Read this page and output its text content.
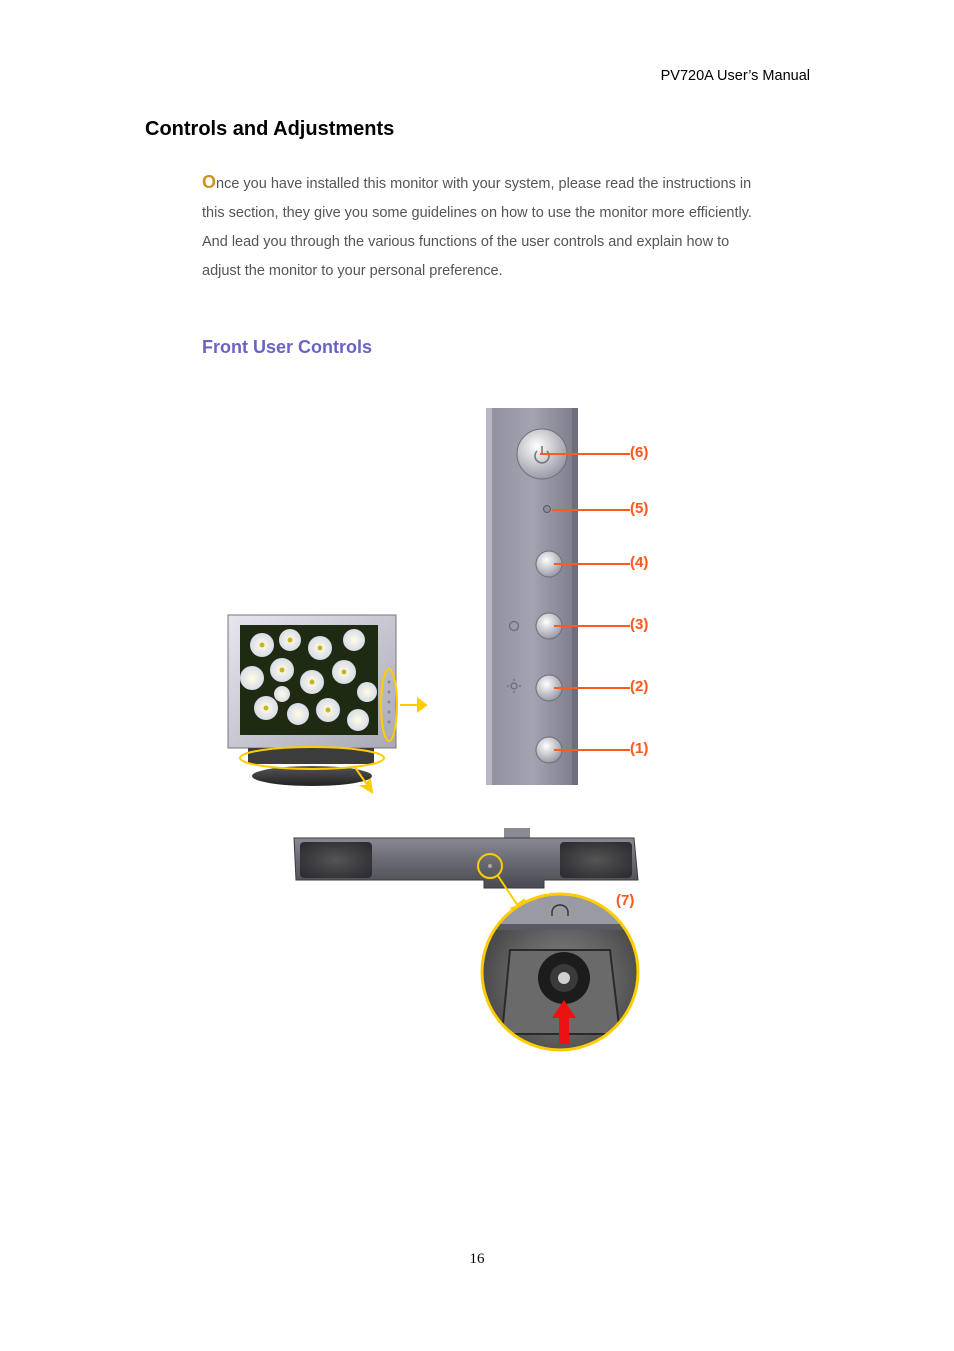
PV720A User’s Manual
Controls and Adjustments

Once you have installed this monitor with your system, please read the instructions in this section, they give you some guidelines on how to use the monitor more efficiently. And lead you through the various functions of the user controls and explain how to adjust the monitor to your personal preference.

Front User Controls
(6)
(5)
(4)
(3)
(2)
(1)
(7)
16
